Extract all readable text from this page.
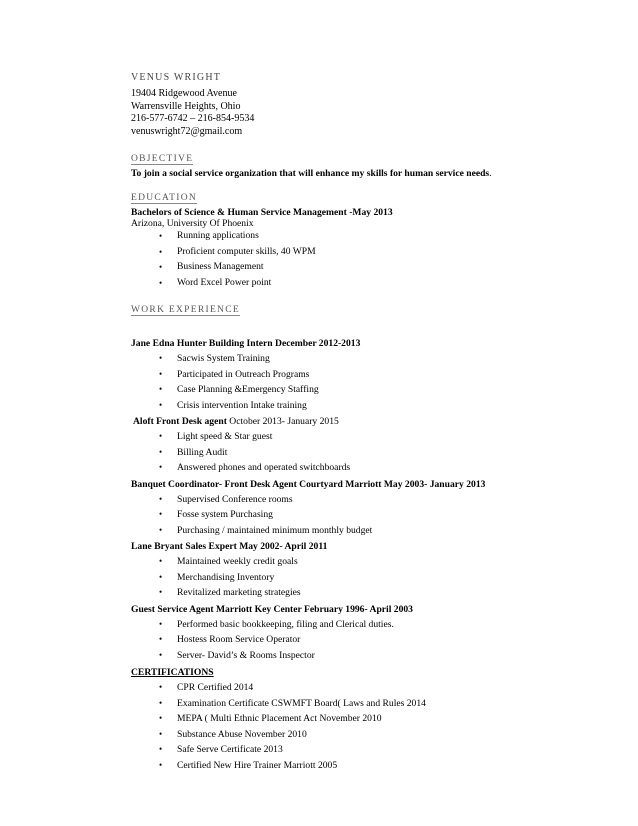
VENUS WRIGHT
19404 Ridgewood Avenue
Warrensville Heights, Ohio
216-577-6742 – 216-854-9534
venuswright72@gmail.com
OBJECTIVE
To join a social service organization that will enhance my skills for human service needs.
EDUCATION
Bachelors of Science & Human Service Management -May 2013
Arizona, University Of Phoenix
• Running applications
• Proficient computer skills, 40 WPM
• Business Management
• Word Excel Power point
WORK EXPERIENCE
Jane Edna Hunter Building Intern December 2012-2013
• Sacwis System Training
• Participated in Outreach Programs
• Case Planning &Emergency Staffing
• Crisis intervention Intake training
Aloft Front Desk agent October 2013- January 2015
• Light speed & Star guest
• Billing Audit
• Answered phones and operated switchboards
Banquet Coordinator- Front Desk Agent Courtyard Marriott May 2003- January 2013
• Supervised Conference rooms
• Fosse system Purchasing
• Purchasing / maintained minimum monthly budget
Lane Bryant Sales Expert May 2002- April 2011
• Maintained weekly credit goals
• Merchandising Inventory
• Revitalized marketing strategies
Guest Service Agent Marriott Key Center February 1996- April 2003
• Performed basic bookkeeping, filing and Clerical duties.
• Hostess Room Service Operator
• Server- David’s & Rooms Inspector
CERTIFICATIONS
• CPR Certified 2014
• Examination Certificate CSWMFT Board( Laws and Rules 2014
• MEPA ( Multi Ethnic Placement Act November 2010
• Substance Abuse November 2010
• Safe Serve Certificate 2013
• Certified New Hire Trainer Marriott 2005
